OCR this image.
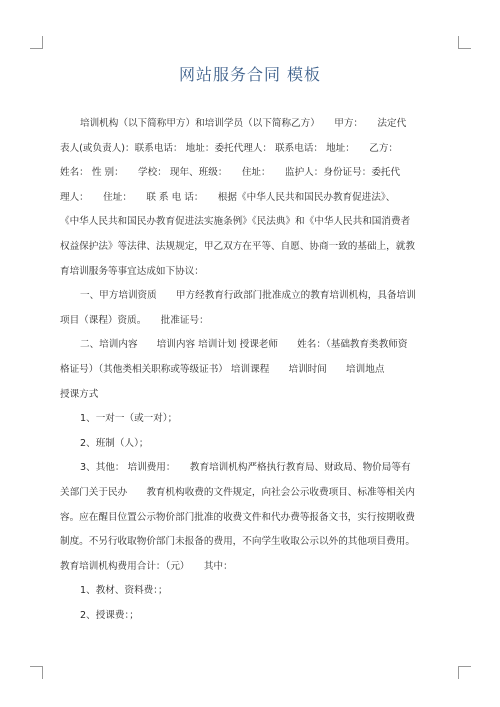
网站服务合同 模板
培训机构（以下简称甲方）和培训学员（以下简称乙方）　　甲方：　　法定代
表人(或负责人)：联系电话： 地址：委托代理人： 联系电话： 地址：　　乙方：
姓名： 性 别：　　学校： 现年、班级：　　住址：　　监护人：身份证号：委托代
理人：　　住址：　　联 系 电 话：　　根据《中华人民共和国民办教育促进法》、
《中华人民共和国民办教育促进法实施条例》《民法典》和《中华人民共和国消费者
权益保护法》等法律、法规规定，甲乙双方在平等、自愿、协商一致的基础上，就教
育培训服务等事宜达成如下协议：
一、甲方培训资质　　甲方经教育行政部门批准成立的教育培训机构，具备培训
项目（课程）资质。　　批准证号：
二、培训内容　　培训内容 培训计划 授课老师　　姓名：（基础教育类教师资
格证号）（其他类相关职称或等级证书） 培训课程　　培训时间　　培训地点
授课方式
1、一对一（或一对）；
2、班制（人）；
3、其他： 培训费用：　　教育培训机构严格执行教育局、财政局、物价局等有
关部门关于民办　　教育机构收费的文件规定，向社会公示收费项目、标准等相关内
容。应在醒目位置公示物价部门批准的收费文件和代办费等报备文书，实行按期收费
制度。不另行收取物价部门未报备的费用，不向学生收取公示以外的其他项目费用。
教育培训机构费用合计：（元）　　其中：
1、教材、资料费：；
2、授课费：；
